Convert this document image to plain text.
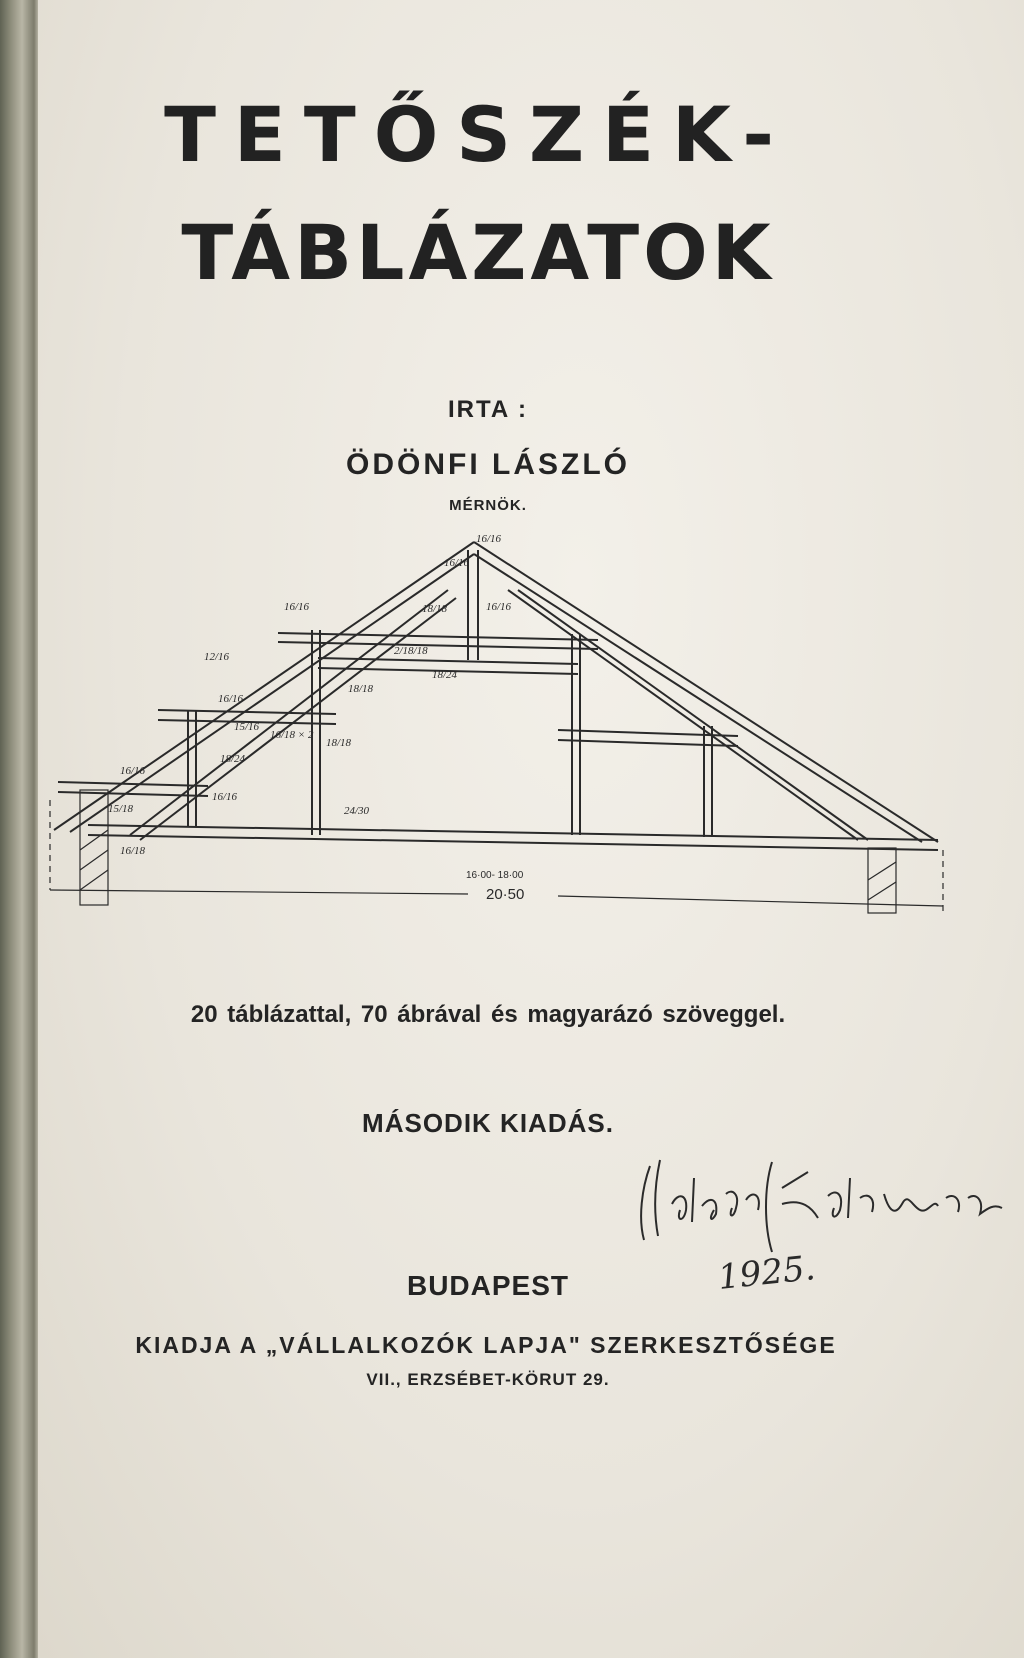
TETŐSZÉK-
TÁBLÁZATOK
IRTA :
ÖDÖNFI LÁSZLÓ
MÉRNÖK.
16·00- 18·00
20·50
16/16
16/16
16/16
18/18
16/16
12/16	2/18/18
18/24
16/16
18/18
15/16
16/18 × 2
18/24
18/18
16/16
16/16
24/30
15/18
16/18
20 táblázattal, 70 ábrával és magyarázó szöveggel.
MÁSODIK KIADÁS.
1925.
BUDAPEST
KIADJA A „VÁLLALKOZÓK LAPJA" SZERKESZTŐSÉGE
VII., ERZSÉBET-KÖRUT 29.
